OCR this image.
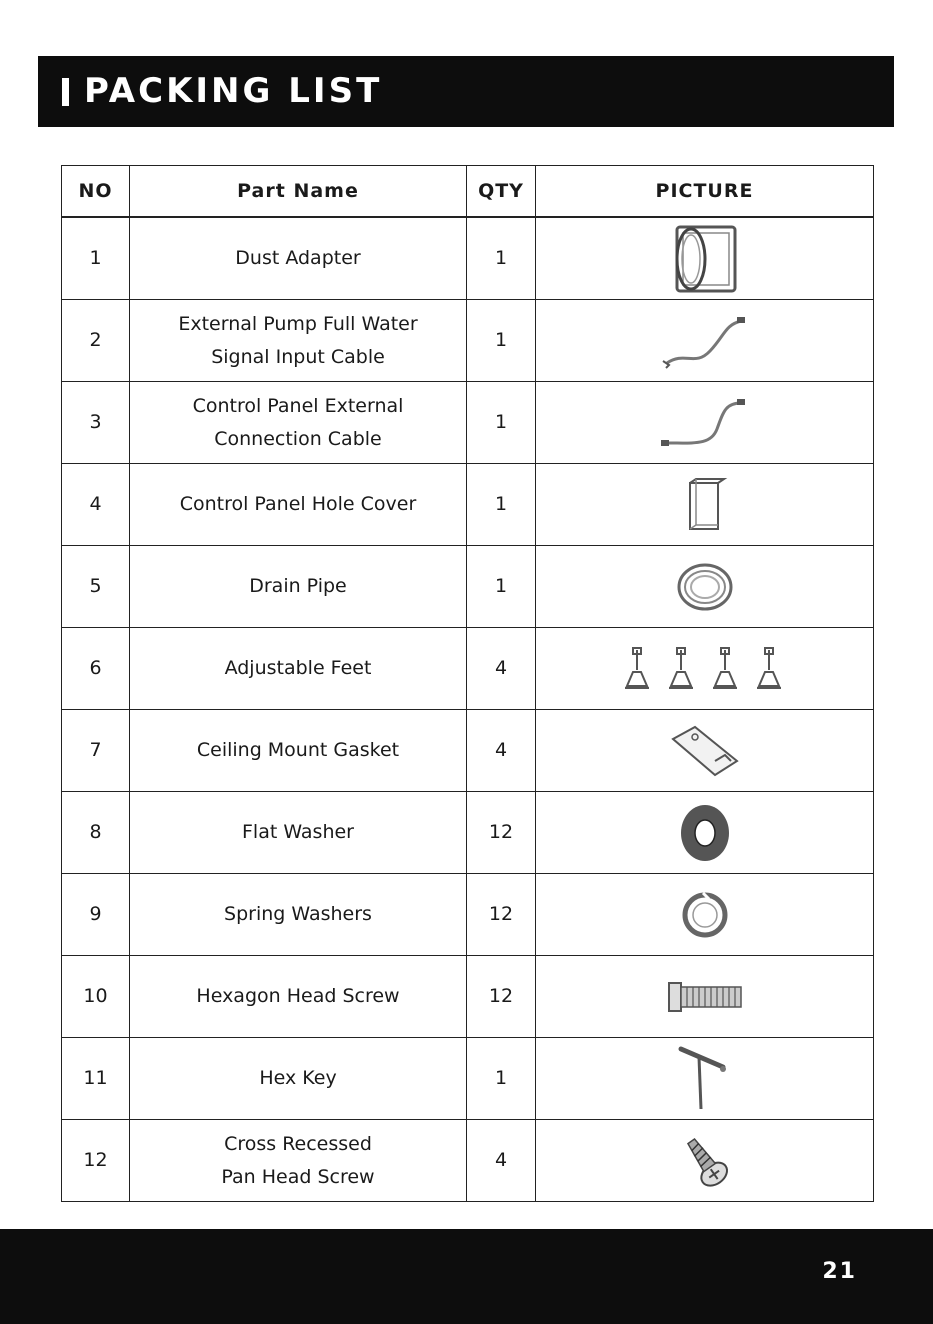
PACKING LIST
NO	Part Name	QTY	PICTURE
1	Dust Adapter	1	

2	External Pump Full Water
Signal Input Cable	1	

3	Control Panel External
Connection Cable	1	

4	Control Panel Hole Cover	1	

5	Drain Pipe	1	

6	Adjustable Feet	4	

7	Ceiling Mount Gasket	4	

8	Flat Washer	12	

9	Spring Washers	12	

10	Hexagon Head Screw	12	

11	Hex Key	1	

12	Cross Recessed
Pan Head Screw	4	
21
